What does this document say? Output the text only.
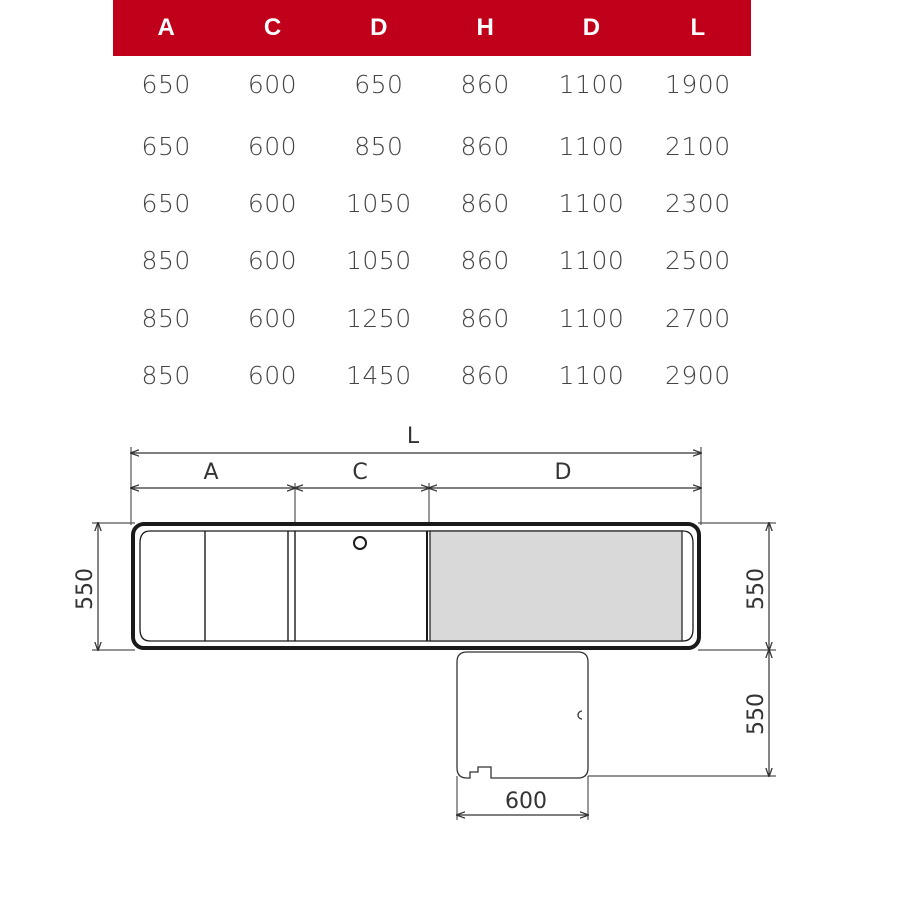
A	C	D	H	D	L
650	600	650	860	1100	1900
650	600	850	860	1100	2100
650	600	1050	860	1100	2300
850	600	1050	860	1100	2500
850	600	1250	860	1100	2700
850	600	1450	860	1100	2900
L
A	C	D
550	550
550
600
